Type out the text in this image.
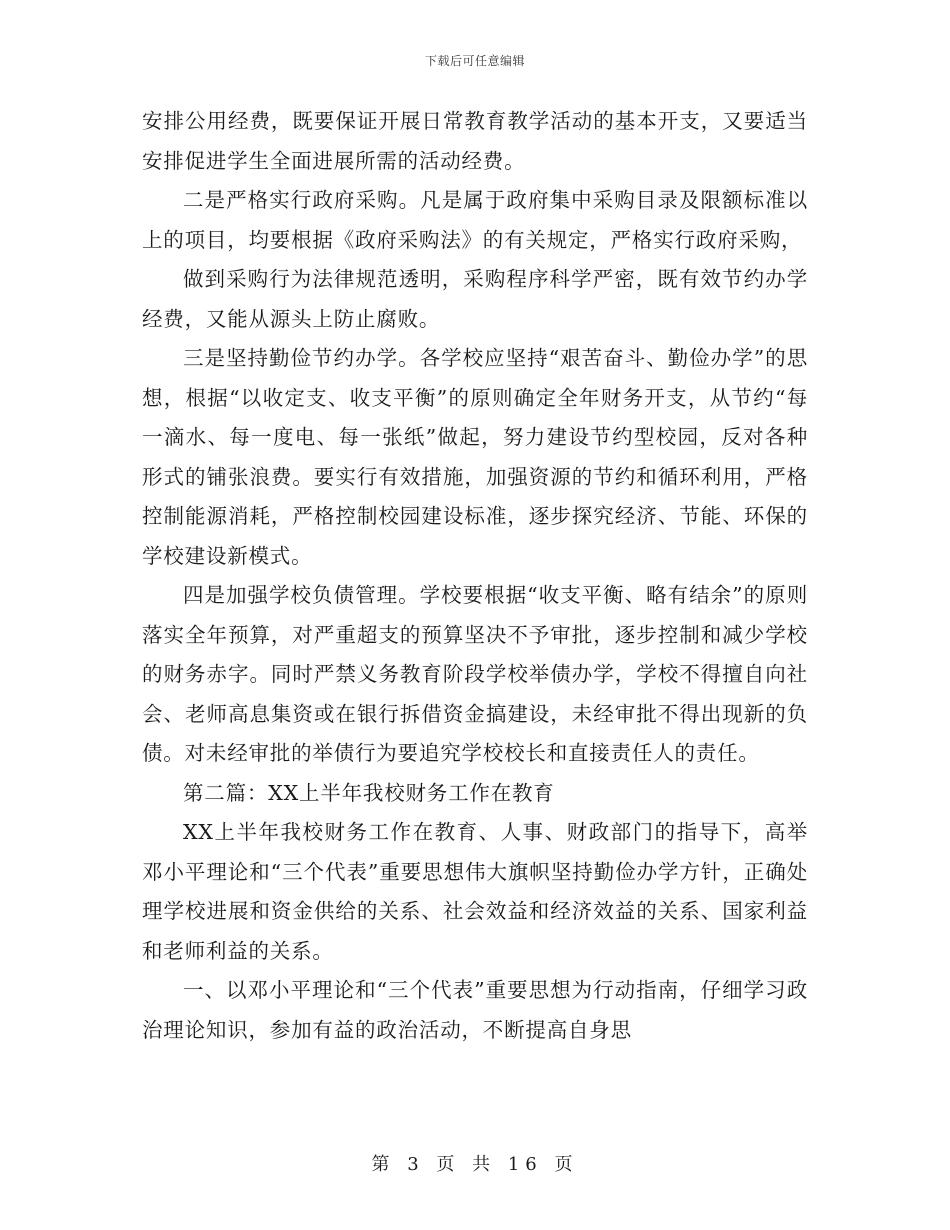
下载后可任意编辑

安排公用经费，既要保证开展日常教育教学活动的基本开支，又要适当安排促进学生全面进展所需的活动经费。

二是严格实行政府采购。凡是属于政府集中采购目录及限额标准以上的项目，均要根据《政府采购法》的有关规定，严格实行政府采购，

做到采购行为法律规范透明，采购程序科学严密，既有效节约办学经费，又能从源头上防止腐败。

三是坚持勤俭节约办学。各学校应坚持“艰苦奋斗、勤俭办学”的思想，根据“以收定支、收支平衡”的原则确定全年财务开支，从节约“每一滴水、每一度电、每一张纸”做起，努力建设节约型校园，反对各种形式的铺张浪费。要实行有效措施，加强资源的节约和循环利用，严格控制能源消耗，严格控制校园建设标准，逐步探究经济、节能、环保的学校建设新模式。

四是加强学校负债管理。学校要根据“收支平衡、略有结余”的原则落实全年预算，对严重超支的预算坚决不予审批，逐步控制和减少学校的财务赤字。同时严禁义务教育阶段学校举债办学，学校不得擅自向社会、老师高息集资或在银行拆借资金搞建设，未经审批不得出现新的负债。对未经审批的举债行为要追究学校校长和直接责任人的责任。

第二篇：XX上半年我校财务工作在教育

XX上半年我校财务工作在教育、人事、财政部门的指导下，高举邓小平理论和“三个代表”重要思想伟大旗帜坚持勤俭办学方针，正确处理学校进展和资金供给的关系、社会效益和经济效益的关系、国家利益和老师利益的关系。

一、以邓小平理论和“三个代表”重要思想为行动指南，仔细学习政治理论知识，参加有益的政治活动，不断提高自身思

第 3 页 共 16 页
